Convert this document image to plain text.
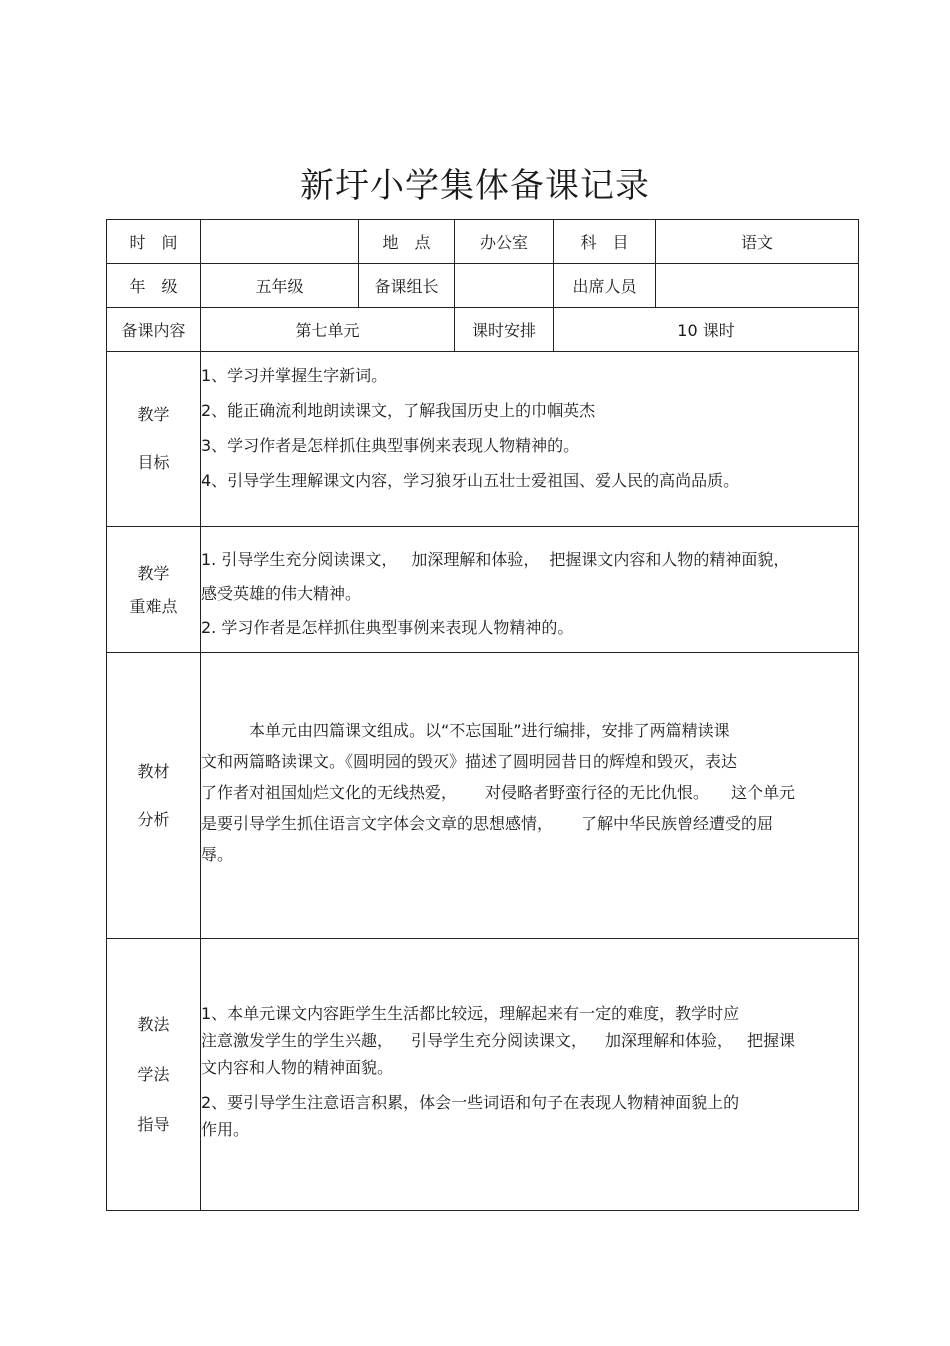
新圩小学集体备课记录
时　间		地　点	办公室	科　目	语文
年　级	五年级	备课组长		出席人员	
备课内容	第七单元		课时安排	10 课时	

教学
目标	1、学习并掌握生字新词。
2、能正确流利地朗读课文，了解我国历史上的巾帼英杰
3、学习作者是怎样抓住典型事例来表现人物精神的。
4、引导学生理解课文内容，学习狼牙山五壮士爱祖国、爱人民的高尚品质。				

教学
重难点	1. 引导学生充分阅读课文， 加深理解和体验， 把握课文内容和人物的精神面貌，
感受英雄的伟大精神。
2. 学习作者是怎样抓住典型事例来表现人物精神的。				

教材
分析	本单元由四篇课文组成。以“不忘国耻”进行编排，安排了两篇精读课
文和两篇略读课文。《圆明园的毁灭》描述了圆明园昔日的辉煌和毁灭，表达
了作者对祖国灿烂文化的无线热爱， 对侵略者野蛮行径的无比仇恨。 这个单元
是要引导学生抓住语言文字体会文章的思想感情， 了解中华民族曾经遭受的屈
辱。				

教法
学法
指导	1、本单元课文内容距学生生活都比较远，理解起来有一定的难度，教学时应
注意激发学生的学生兴趣， 引导学生充分阅读课文， 加深理解和体验， 把握课
文内容和人物的精神面貌。
2、要引导学生注意语言积累，体会一些词语和句子在表现人物精神面貌上的
作用。				
